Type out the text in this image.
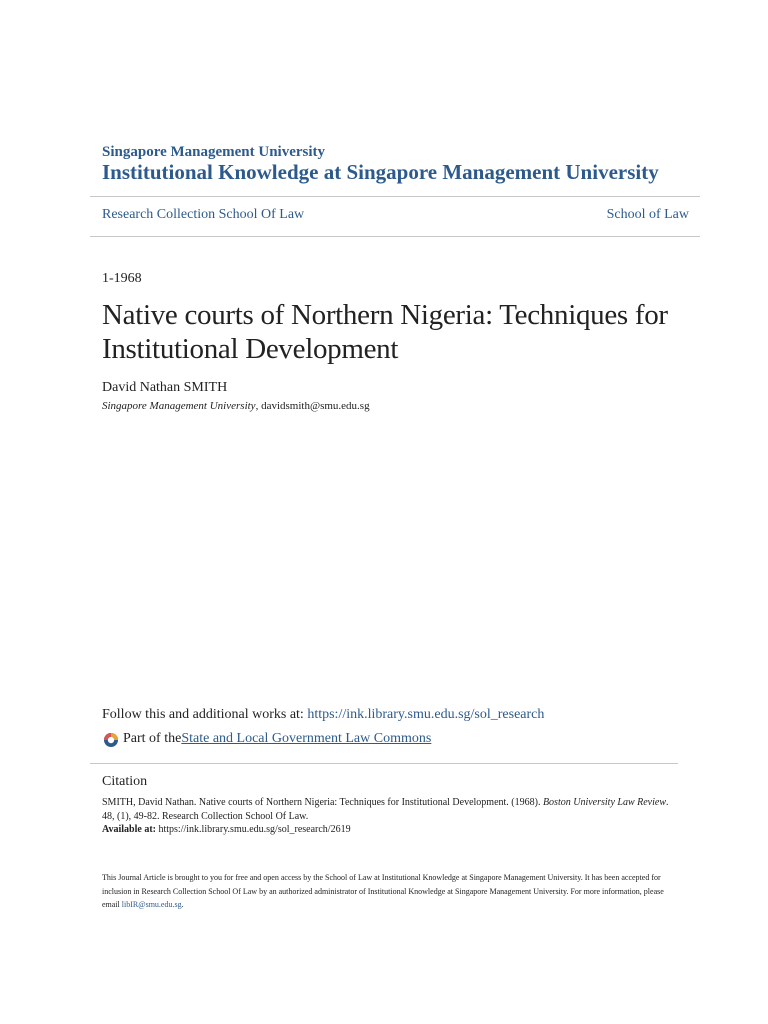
Singapore Management University
Institutional Knowledge at Singapore Management University
Research Collection School Of Law	School of Law
1-1968
Native courts of Northern Nigeria: Techniques for Institutional Development
David Nathan SMITH
Singapore Management University, davidsmith@smu.edu.sg
Follow this and additional works at: https://ink.library.smu.edu.sg/sol_research
Part of the State and Local Government Law Commons
Citation
SMITH, David Nathan. Native courts of Northern Nigeria: Techniques for Institutional Development. (1968). Boston University Law Review. 48, (1), 49-82. Research Collection School Of Law.
Available at: https://ink.library.smu.edu.sg/sol_research/2619
This Journal Article is brought to you for free and open access by the School of Law at Institutional Knowledge at Singapore Management University. It has been accepted for inclusion in Research Collection School Of Law by an authorized administrator of Institutional Knowledge at Singapore Management University. For more information, please email libIR@smu.edu.sg.
